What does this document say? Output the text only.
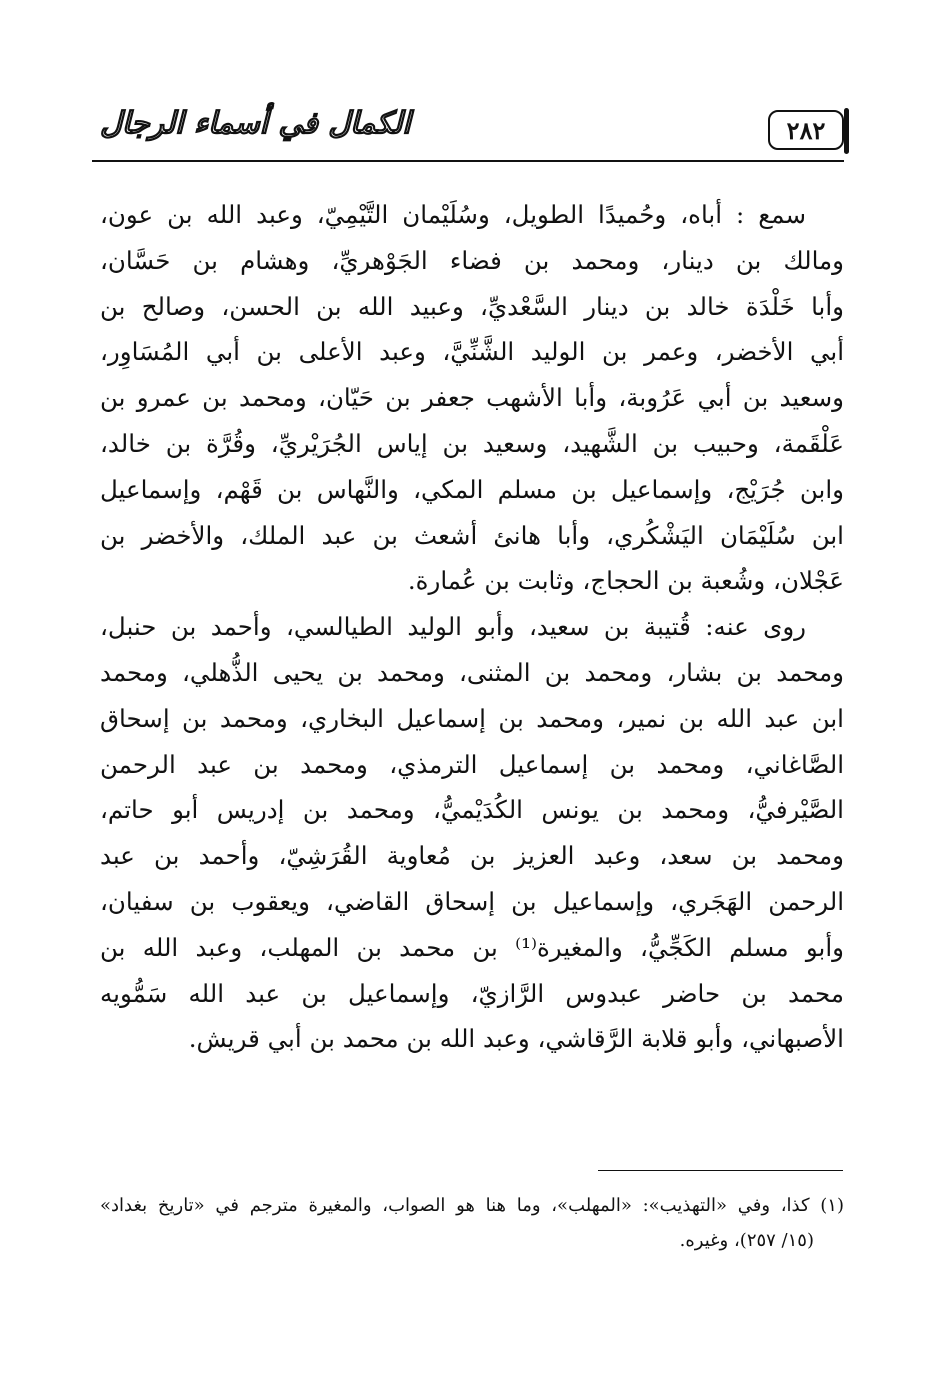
٢٨٢
الكمال في أسماء الرجال
سمع : أباه، وحُميدًا الطويل، وسُلَيْمان التَّيْمِيّ، وعبد الله بن عون،
ومالك بن دينار، ومحمد بن فضاء الجَوْهريِّ، وهشام بن حَسَّان،
وأبا خَلْدَة خالد بن دينار السَّعْديِّ، وعبيد الله بن الحسن، وصالح بن
أبي الأخضر، وعمر بن الوليد الشَّنِّيَّ، وعبد الأعلى بن أبي المُسَاوِر،
وسعيد بن أبي عَرُوبة، وأبا الأشهب جعفر بن حَيّان، ومحمد بن عمرو بن
عَلْقَمة، وحبيب بن الشَّهيد، وسعيد بن إياس الجُرَيْريِّ، وقُرَّة بن خالد،
وابن جُرَيْج، وإسماعيل بن مسلم المكي، والنَّهاس بن قَهْم، وإسماعيل
ابن سُلَيْمَان اليَشْكُري، وأبا هانئ أشعث بن عبد الملك، والأخضر بن
عَجْلان، وشُعبة بن الحجاج، وثابت بن عُمارة.
روى عنه: قُتيبة بن سعيد، وأبو الوليد الطيالسي، وأحمد بن حنبل،
ومحمد بن بشار، ومحمد بن المثنى، ومحمد بن يحيى الذُّهلي، ومحمد
ابن عبد الله بن نمير، ومحمد بن إسماعيل البخاري، ومحمد بن إسحاق
الصَّاغاني، ومحمد بن إسماعيل الترمذي، ومحمد بن عبد الرحمن
الصَّيْرفيُّ، ومحمد بن يونس الكُدَيْميُّ، ومحمد بن إدريس أبو حاتم،
ومحمد بن سعد، وعبد العزيز بن مُعاوية القُرَشِيّ، وأحمد بن عبد
الرحمن الهَجَري، وإسماعيل بن إسحاق القاضي، ويعقوب بن سفيان،
وأبو مسلم الكَجِّيُّ، والمغيرة⁽¹⁾ بن محمد بن المهلب، وعبد الله بن
محمد بن حاضر عبدوس الرَّازيّ، وإسماعيل بن عبد الله سَمُّويه
الأصبهاني، وأبو قلابة الرَّقاشي، وعبد الله بن محمد بن أبي قريش.
(١) كذا، وفي «التهذيب»: «المهلب»، وما هنا هو الصواب، والمغيرة مترجم في «تاريخ بغداد»
(١٥/ ٢٥٧)، وغيره.
